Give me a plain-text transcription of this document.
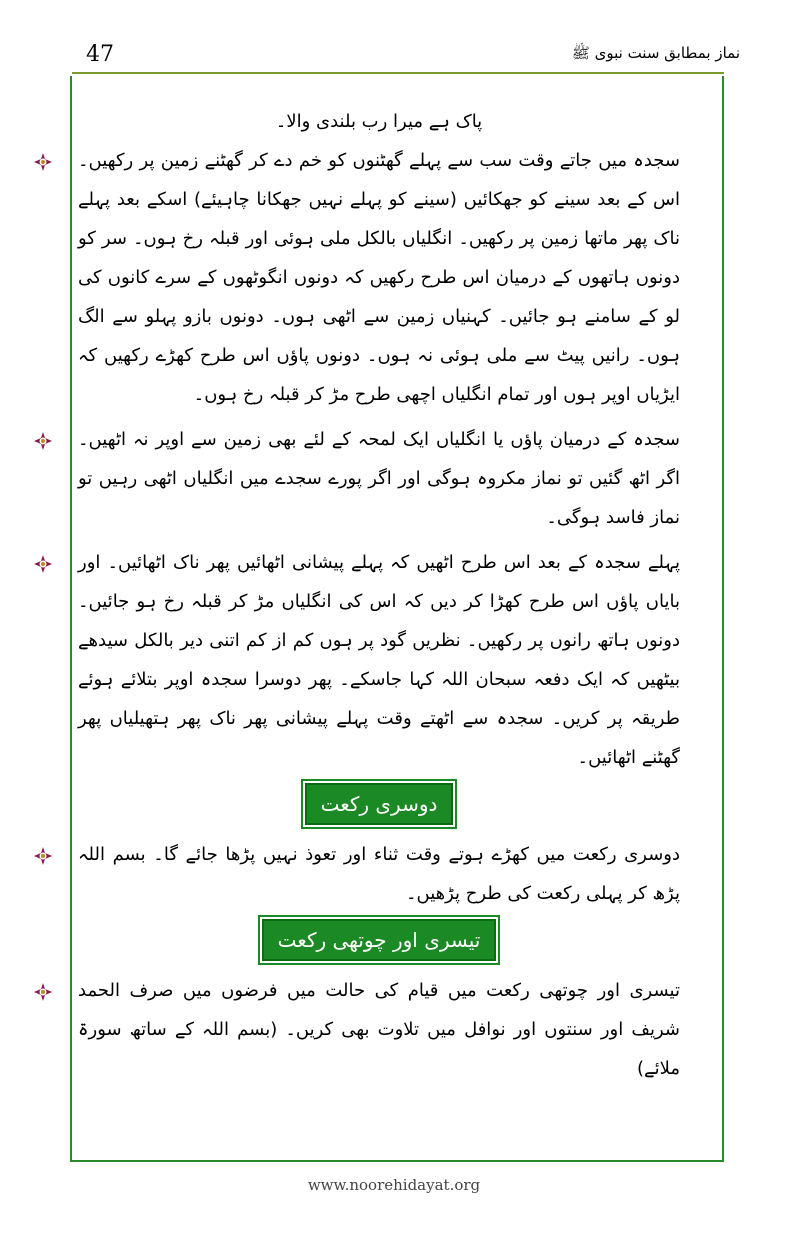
47	نماز بمطابق سنت نبوی ﷺ

پاک ہے میرا رب بلندی والا۔

سجدہ میں جاتے وقت سب سے پہلے گھٹنوں کو خم دے کر گھٹنے زمین پر رکھیں۔ اس کے بعد سینے کو جھکائیں (سینے کو پہلے نہیں جھکانا چاہیئے) اسکے بعد پہلے ناک پھر ماتھا زمین پر رکھیں۔ انگلیاں بالکل ملی ہوئی اور قبلہ رخ ہوں۔ سر کو دونوں ہاتھوں کے درمیان اس طرح رکھیں کہ دونوں انگوٹھوں کے سرے کانوں کی لو کے سامنے ہو جائیں۔ کہنیاں زمین سے اٹھی ہوں۔ دونوں بازو پہلو سے الگ ہوں۔ رانیں پیٹ سے ملی ہوئی نہ ہوں۔ دونوں پاؤں اس طرح کھڑے رکھیں کہ ایڑیاں اوپر ہوں اور تمام انگلیاں اچھی طرح مڑ کر قبلہ رخ ہوں۔

سجدہ کے درمیان پاؤں یا انگلیاں ایک لمحہ کے لئے بھی زمین سے اوپر نہ اٹھیں۔ اگر اٹھ گئیں تو نماز مکروہ ہوگی اور اگر پورے سجدے میں انگلیاں اٹھی رہیں تو نماز فاسد ہوگی۔

پہلے سجدہ کے بعد اس طرح اٹھیں کہ پہلے پیشانی اٹھائیں پھر ناک اٹھائیں۔ اور بایاں پاؤں اس طرح کھڑا کر دیں کہ اس کی انگلیاں مڑ کر قبلہ رخ ہو جائیں۔ دونوں ہاتھ رانوں پر رکھیں۔ نظریں گود پر ہوں کم از کم اتنی دیر بالکل سیدھے بیٹھیں کہ ایک دفعہ سبحان اللہ کہا جاسکے۔ پھر دوسرا سجدہ اوپر بتلائے ہوئے طریقہ پر کریں۔ سجدہ سے اٹھتے وقت پہلے پیشانی پھر ناک پھر ہتھیلیاں پھر گھٹنے اٹھائیں۔

دوسری رکعت

دوسری رکعت میں کھڑے ہوتے وقت ثناء اور تعوذ نہیں پڑھا جائے گا۔ بسم اللہ پڑھ کر پہلی رکعت کی طرح پڑھیں۔

تیسری اور چوتھی رکعت

تیسری اور چوتھی رکعت میں قیام کی حالت میں فرضوں میں صرف الحمد شریف اور سنتوں اور نوافل میں تلاوت بھی کریں۔ (بسم اللہ کے ساتھ سورۃ ملائے)

www.noorehidayat.org
